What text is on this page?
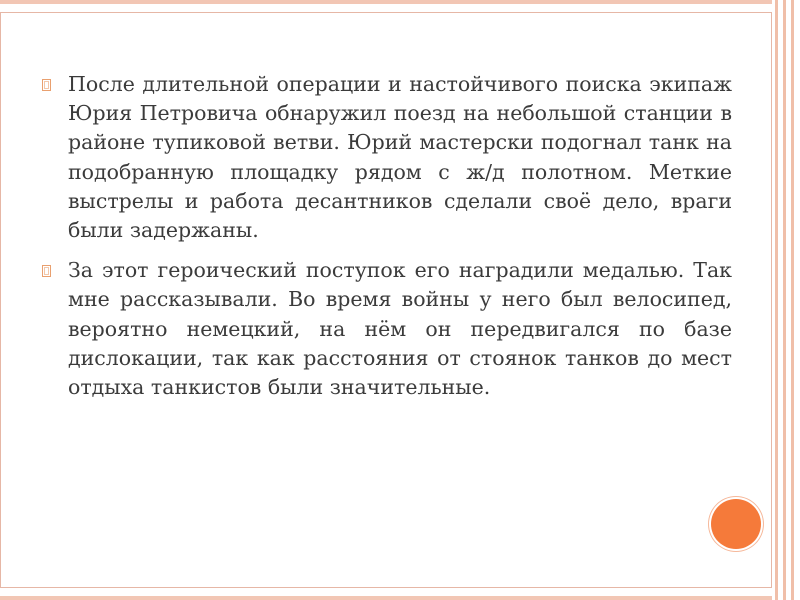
После длительной операции и настойчивого поиска экипаж Юрия Петровича обнаружил поезд на небольшой станции в районе тупиковой ветви. Юрий мастерски подогнал танк на подобранную площадку рядом с ж/д полотном. Меткие выстрелы и работа десантников сделали своё дело, враги были задержаны.

За этот героический поступок его наградили медалью. Так мне рассказывали. Во время войны у него был велосипед, вероятно немецкий, на нём он передвигался по базе дислокации, так как расстояния от стоянок танков до мест отдыха танкистов были значительные.
